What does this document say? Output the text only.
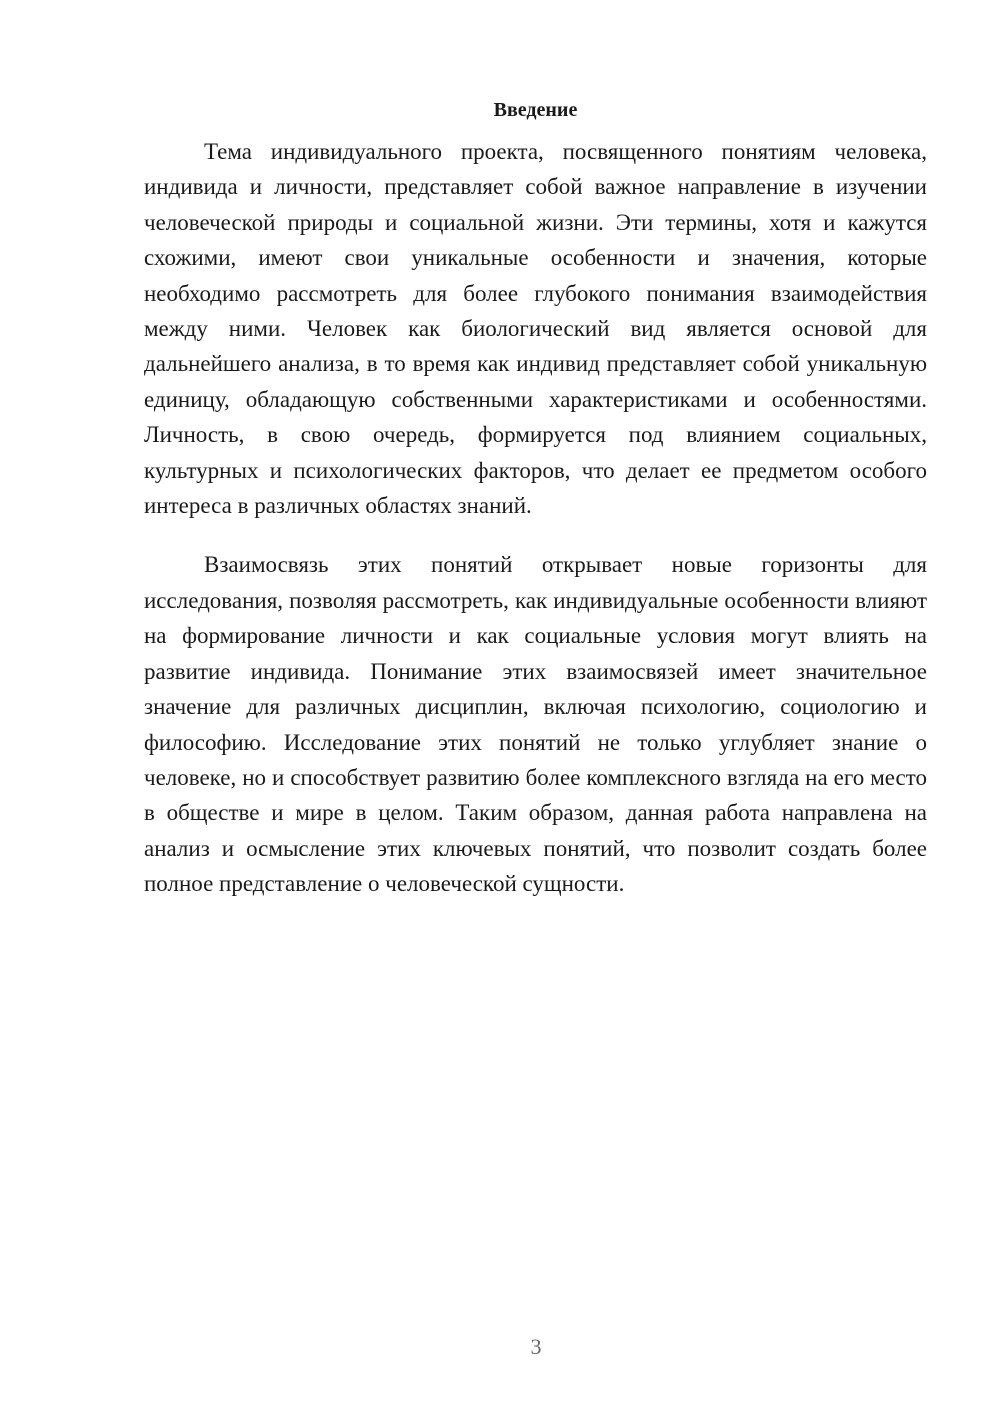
Введение

Тема индивидуального проекта, посвященного понятиям человека, индивида и личности, представляет собой важное направление в изучении человеческой природы и социальной жизни. Эти термины, хотя и кажутся схожими, имеют свои уникальные особенности и значения, которые необходимо рассмотреть для более глубокого понимания взаимодействия между ними. Человек как биологический вид является основой для дальнейшего анализа, в то время как индивид представляет собой уникальную единицу, обладающую собственными характеристиками и особенностями. Личность, в свою очередь, формируется под влиянием социальных, культурных и психологических факторов, что делает ее предметом особого интереса в различных областях знаний.

Взаимосвязь этих понятий открывает новые горизонты для исследования, позволяя рассмотреть, как индивидуальные особенности влияют на формирование личности и как социальные условия могут влиять на развитие индивида. Понимание этих взаимосвязей имеет значительное значение для различных дисциплин, включая психологию, социологию и философию. Исследование этих понятий не только углубляет знание о человеке, но и способствует развитию более комплексного взгляда на его место в обществе и мире в целом. Таким образом, данная работа направлена на анализ и осмысление этих ключевых понятий, что позволит создать более полное представление о человеческой сущности.

3
